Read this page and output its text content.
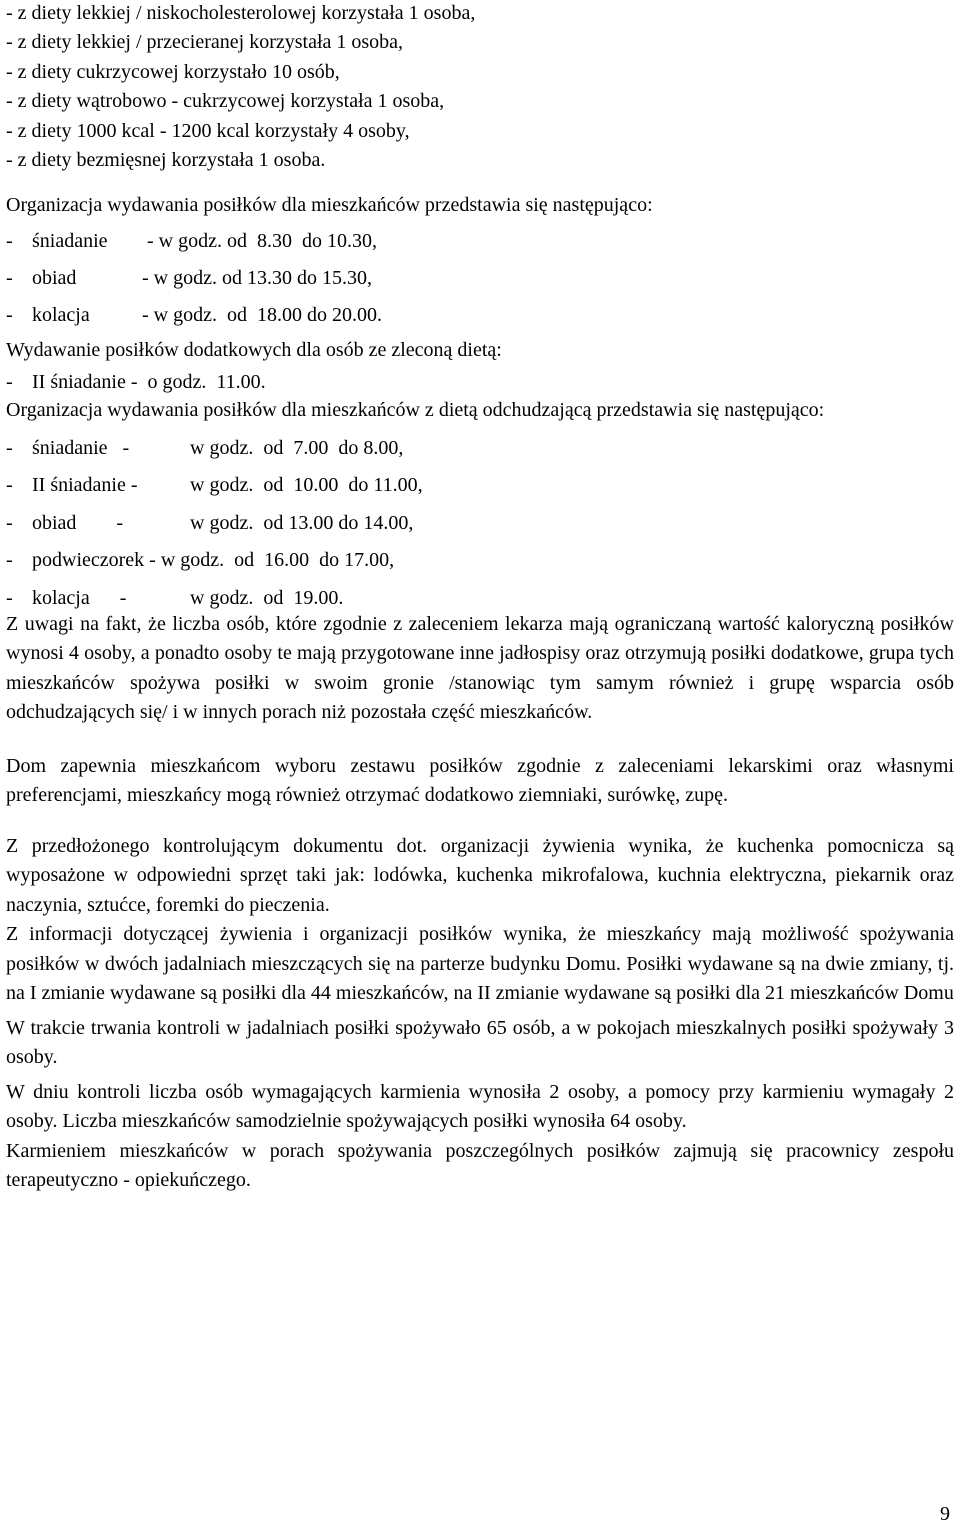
- z diety lekkiej / niskocholesterolowej korzystała 1 osoba,

- z diety lekkiej / przecieranej korzystała 1 osoba,

- z diety cukrzycowej korzystało 10 osób,

- z diety wątrobowo - cukrzycowej korzystała 1 osoba,

- z diety 1000 kcal - 1200 kcal korzystały 4 osoby,

- z diety bezmięsnej korzystała 1 osoba.

Organizacja wydawania posiłków dla mieszkańców przedstawia się następująco:

- śniadanie	- w godz. od  8.30  do 10.30,
- obiad	- w godz. od 13.30 do 15.30,
- kolacja	- w godz.  od  18.00 do 20.00.

Wydawanie posiłków dodatkowych dla osób ze zleconą dietą:

- II śniadanie -  o godz.  11.00.

Organizacja wydawania posiłków dla mieszkańców z dietą odchudzającą przedstawia się następująco:

- śniadanie   -	w godz.  od  7.00  do 8.00,
- II śniadanie -	w godz.  od  10.00  do 11.00,
- obiad        -	w godz.  od 13.00 do 14.00,
- podwieczorek - w godz.  od  16.00  do 17.00,
- kolacja      -	w godz.  od  19.00.

Z uwagi na fakt, że liczba osób, które zgodnie z zaleceniem lekarza mają ograniczaną wartość kaloryczną posiłków wynosi 4 osoby, a ponadto osoby te mają przygotowane inne jadłospisy oraz otrzymują posiłki dodatkowe, grupa tych mieszkańców spożywa posiłki w swoim gronie /stanowiąc tym samym również i grupę wsparcia osób odchudzających się/ i w innych porach niż pozostała część mieszkańców.

Dom zapewnia mieszkańcom wyboru zestawu posiłków zgodnie z zaleceniami lekarskimi oraz własnymi preferencjami, mieszkańcy mogą również otrzymać dodatkowo ziemniaki, surówkę, zupę.

Z przedłożonego kontrolującym dokumentu dot. organizacji żywienia wynika, że kuchenka pomocnicza są wyposażone w odpowiedni sprzęt taki jak: lodówka, kuchenka mikrofalowa, kuchnia elektryczna, piekarnik oraz naczynia, sztućce, foremki do pieczenia.

Z informacji dotyczącej żywienia i organizacji posiłków wynika, że mieszkańcy mają możliwość spożywania posiłków w dwóch jadalniach mieszczących się na parterze budynku Domu. Posiłki wydawane są na dwie zmiany, tj. na I zmianie wydawane są posiłki dla 44 mieszkańców, na II zmianie wydawane są posiłki dla 21 mieszkańców Domu

W trakcie trwania kontroli w jadalniach posiłki spożywało 65 osób, a w pokojach mieszkalnych posiłki spożywały 3 osoby.

W dniu kontroli liczba osób wymagających karmienia wynosiła 2 osoby, a pomocy przy karmieniu wymagały 2 osoby. Liczba mieszkańców samodzielnie spożywających posiłki wynosiła 64 osoby.

Karmieniem mieszkańców w porach spożywania poszczególnych posiłków zajmują się pracownicy zespołu terapeutyczno - opiekuńczego.

9
